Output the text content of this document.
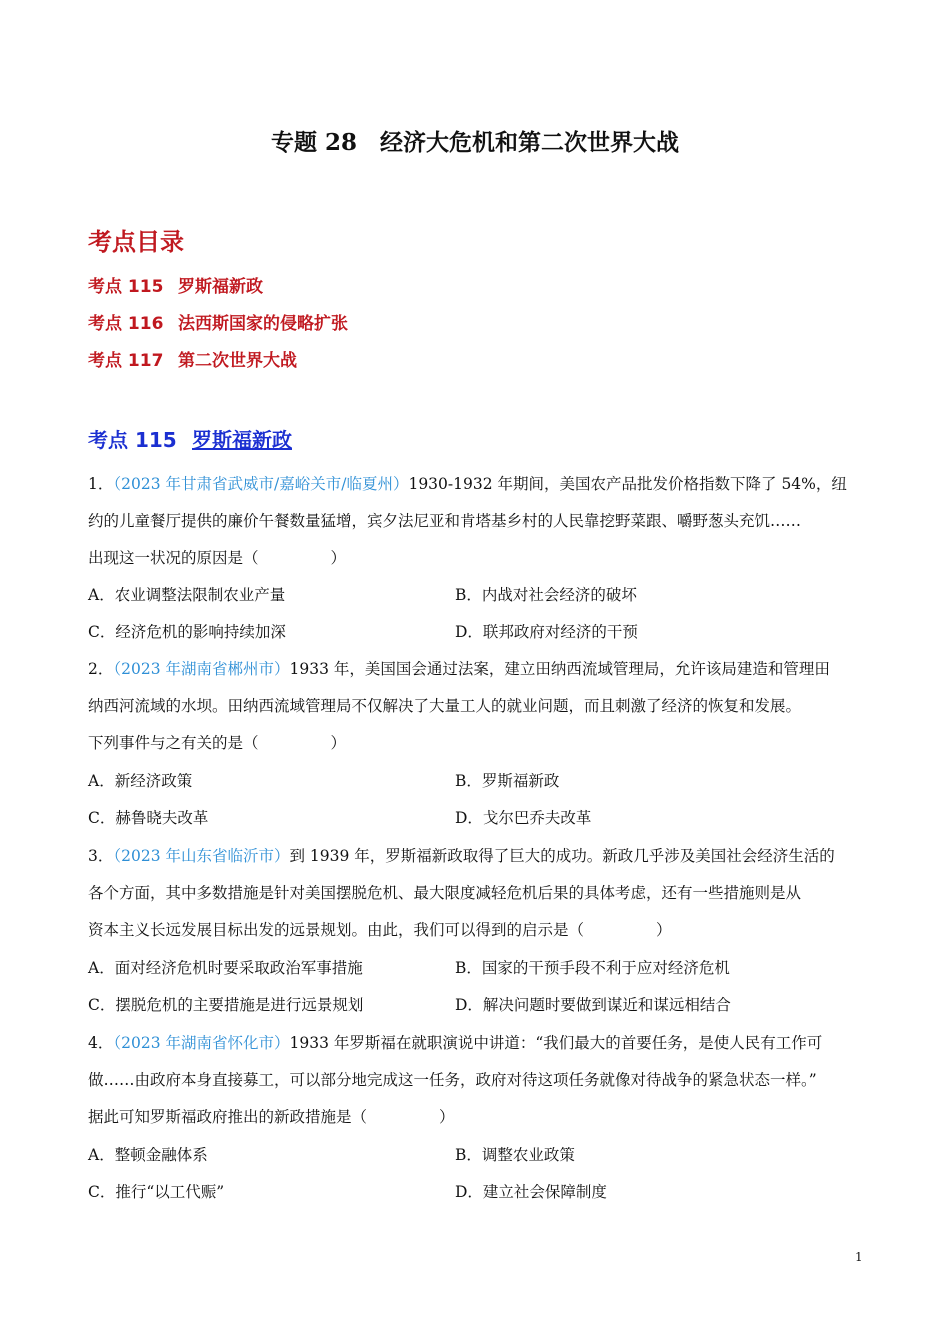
专题 28　经济大危机和第二次世界大战
考点目录
考点 115 罗斯福新政
考点 116 法西斯国家的侵略扩张
考点 117 第二次世界大战
考点 115 罗斯福新政
1．（2023 年甘肃省武威市/嘉峪关市/临夏州）1930-1932 年期间，美国农产品批发价格指数下降了 54%，纽
约的儿童餐厅提供的廉价午餐数量猛增，宾夕法尼亚和肯塔基乡村的人民靠挖野菜跟、嚼野葱头充饥……
出现这一状况的原因是（	）
A．农业调整法限制农业产量	B．内战对社会经济的破坏
C．经济危机的影响持续加深	D．联邦政府对经济的干预
2．（2023 年湖南省郴州市）1933 年，美国国会通过法案，建立田纳西流域管理局，允许该局建造和管理田
纳西河流域的水坝。田纳西流域管理局不仅解决了大量工人的就业问题，而且刺激了经济的恢复和发展。
下列事件与之有关的是（	）
A．新经济政策	B．罗斯福新政
C．赫鲁晓夫改革	D．戈尔巴乔夫改革
3．（2023 年山东省临沂市）到 1939 年，罗斯福新政取得了巨大的成功。新政几乎涉及美国社会经济生活的
各个方面，其中多数措施是针对美国摆脱危机、最大限度减轻危机后果的具体考虑，还有一些措施则是从
资本主义长远发展目标出发的远景规划。由此，我们可以得到的启示是（	）
A．面对经济危机时要采取政治军事措施	B．国家的干预手段不利于应对经济危机
C．摆脱危机的主要措施是进行远景规划	D．解决问题时要做到谋近和谋远相结合
4．（2023 年湖南省怀化市）1933 年罗斯福在就职演说中讲道：“我们最大的首要任务，是使人民有工作可
做……由政府本身直接募工，可以部分地完成这一任务，政府对待这项任务就像对待战争的紧急状态一样。”
据此可知罗斯福政府推出的新政措施是（	）
A．整顿金融体系	B．调整农业政策
C．推行“以工代赈”	D．建立社会保障制度
1
